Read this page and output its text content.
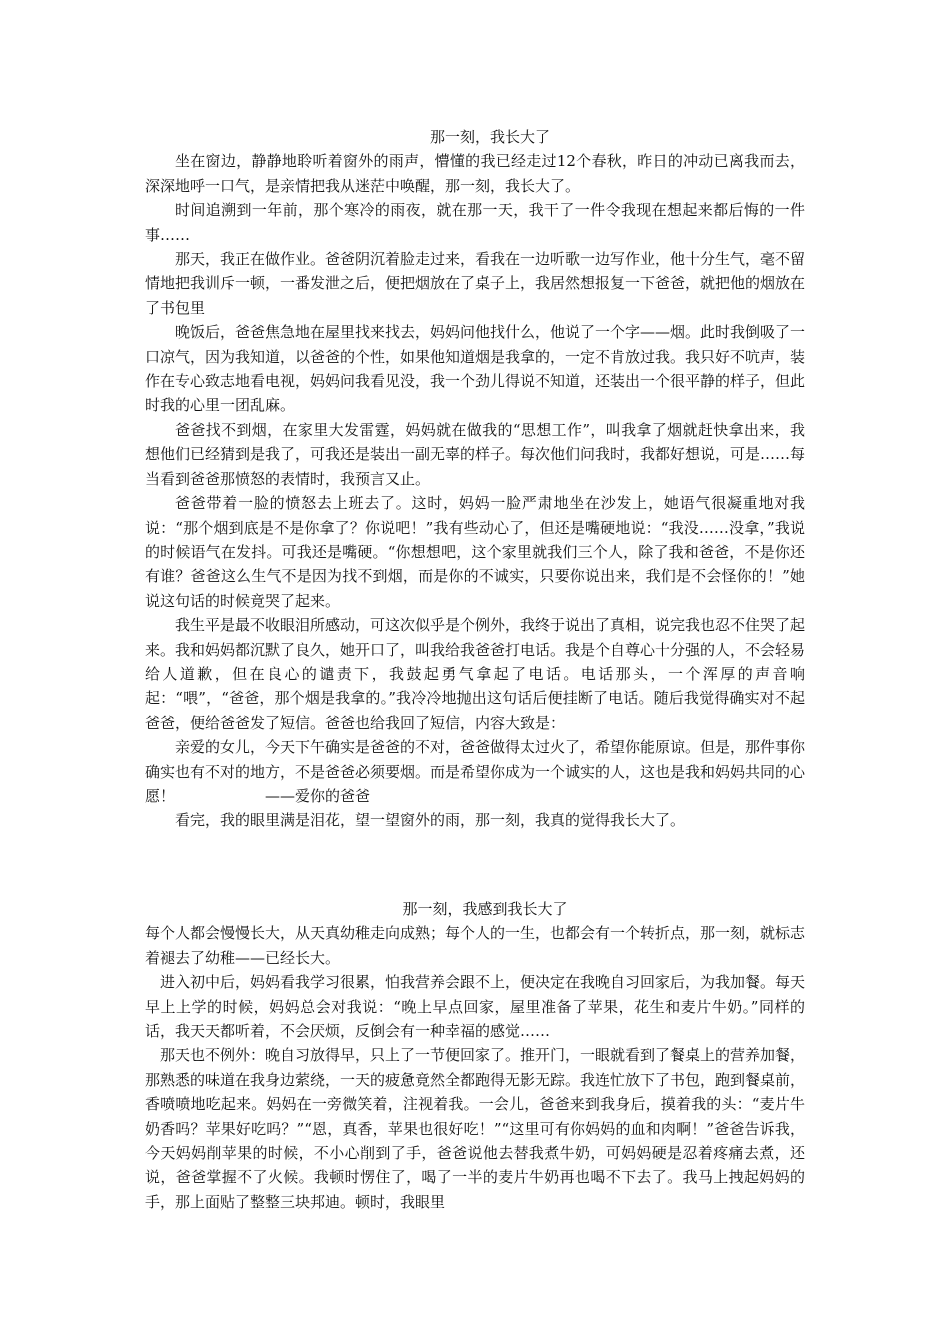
那一刻，我长大了

坐在窗边，静静地聆听着窗外的雨声，懵懂的我已经走过12个春秋，昨日的冲动已离我而去，深深地呼一口气，是亲情把我从迷茫中唤醒，那一刻，我长大了。

时间追溯到一年前，那个寒冷的雨夜，就在那一天，我干了一件令我现在想起来都后悔的一件事……

那天，我正在做作业。爸爸阴沉着脸走过来，看我在一边听歌一边写作业，他十分生气，毫不留情地把我训斥一顿，一番发泄之后，便把烟放在了桌子上，我居然想报复一下爸爸，就把他的烟放在了书包里

晚饭后，爸爸焦急地在屋里找来找去，妈妈问他找什么，他说了一个字——烟。此时我倒吸了一口凉气，因为我知道，以爸爸的个性，如果他知道烟是我拿的，一定不肯放过我。我只好不吭声，装作在专心致志地看电视，妈妈问我看见没，我一个劲儿得说不知道，还装出一个很平静的样子，但此时我的心里一团乱麻。

爸爸找不到烟，在家里大发雷霆，妈妈就在做我的“思想工作”，叫我拿了烟就赶快拿出来，我想他们已经猜到是我了，可我还是装出一副无辜的样子。每次他们问我时，我都好想说，可是……每当看到爸爸那愤怒的表情时，我预言又止。

爸爸带着一脸的愤怒去上班去了。这时，妈妈一脸严肃地坐在沙发上，她语气很凝重地对我说：“那个烟到底是不是你拿了？你说吧！”我有些动心了，但还是嘴硬地说：“我没……没拿，”我说的时候语气在发抖。可我还是嘴硬。“你想想吧，这个家里就我们三个人，除了我和爸爸，不是你还有谁？爸爸这么生气不是因为找不到烟，而是你的不诚实，只要你说出来，我们是不会怪你的！”她说这句话的时候竟哭了起来。

我生平是最不收眼泪所感动，可这次似乎是个例外，我终于说出了真相，说完我也忍不住哭了起来。我和妈妈都沉默了良久，她开口了，叫我给我爸爸打电话。我是个自尊心十分强的人，不会轻易给人道歉，但在良心的谴责下，我鼓起勇气拿起了电话。电话那头，一个浑厚的声音响起：“喂”，“爸爸，那个烟是我拿的。”我冷冷地抛出这句话后便挂断了电话。随后我觉得确实对不起爸爸，便给爸爸发了短信。爸爸也给我回了短信，内容大致是：

亲爱的女儿，今天下午确实是爸爸的不对，爸爸做得太过火了，希望你能原谅。但是，那件事你确实也有不对的地方，不是爸爸必须要烟。而是希望你成为一个诚实的人，这也是我和妈妈共同的心愿！	——爱你的爸爸

看完，我的眼里满是泪花，望一望窗外的雨，那一刻，我真的觉得我长大了。

那一刻，我感到我长大了

每个人都会慢慢长大，从天真幼稚走向成熟；每个人的一生，也都会有一个转折点，那一刻，就标志着褪去了幼稚——已经长大。

进入初中后，妈妈看我学习很累，怕我营养会跟不上，便决定在我晚自习回家后，为我加餐。每天早上上学的时候，妈妈总会对我说：“晚上早点回家，屋里准备了苹果，花生和麦片牛奶。”同样的话，我天天都听着，不会厌烦，反倒会有一种幸福的感觉……

那天也不例外：晚自习放得早，只上了一节便回家了。推开门，一眼就看到了餐桌上的营养加餐，那熟悉的味道在我身边萦绕，一天的疲惫竟然全都跑得无影无踪。我连忙放下了书包，跑到餐桌前，香喷喷地吃起来。妈妈在一旁微笑着，注视着我。一会儿，爸爸来到我身后，摸着我的头：“麦片牛奶香吗？苹果好吃吗？”“恩，真香，苹果也很好吃！”“这里可有你妈妈的血和肉啊！”爸爸告诉我，今天妈妈削苹果的时候，不小心削到了手，爸爸说他去替我煮牛奶，可妈妈硬是忍着疼痛去煮，还说，爸爸掌握不了火候。我顿时愣住了，喝了一半的麦片牛奶再也喝不下去了。我马上拽起妈妈的手，那上面贴了整整三块邦迪。顿时，我眼里
